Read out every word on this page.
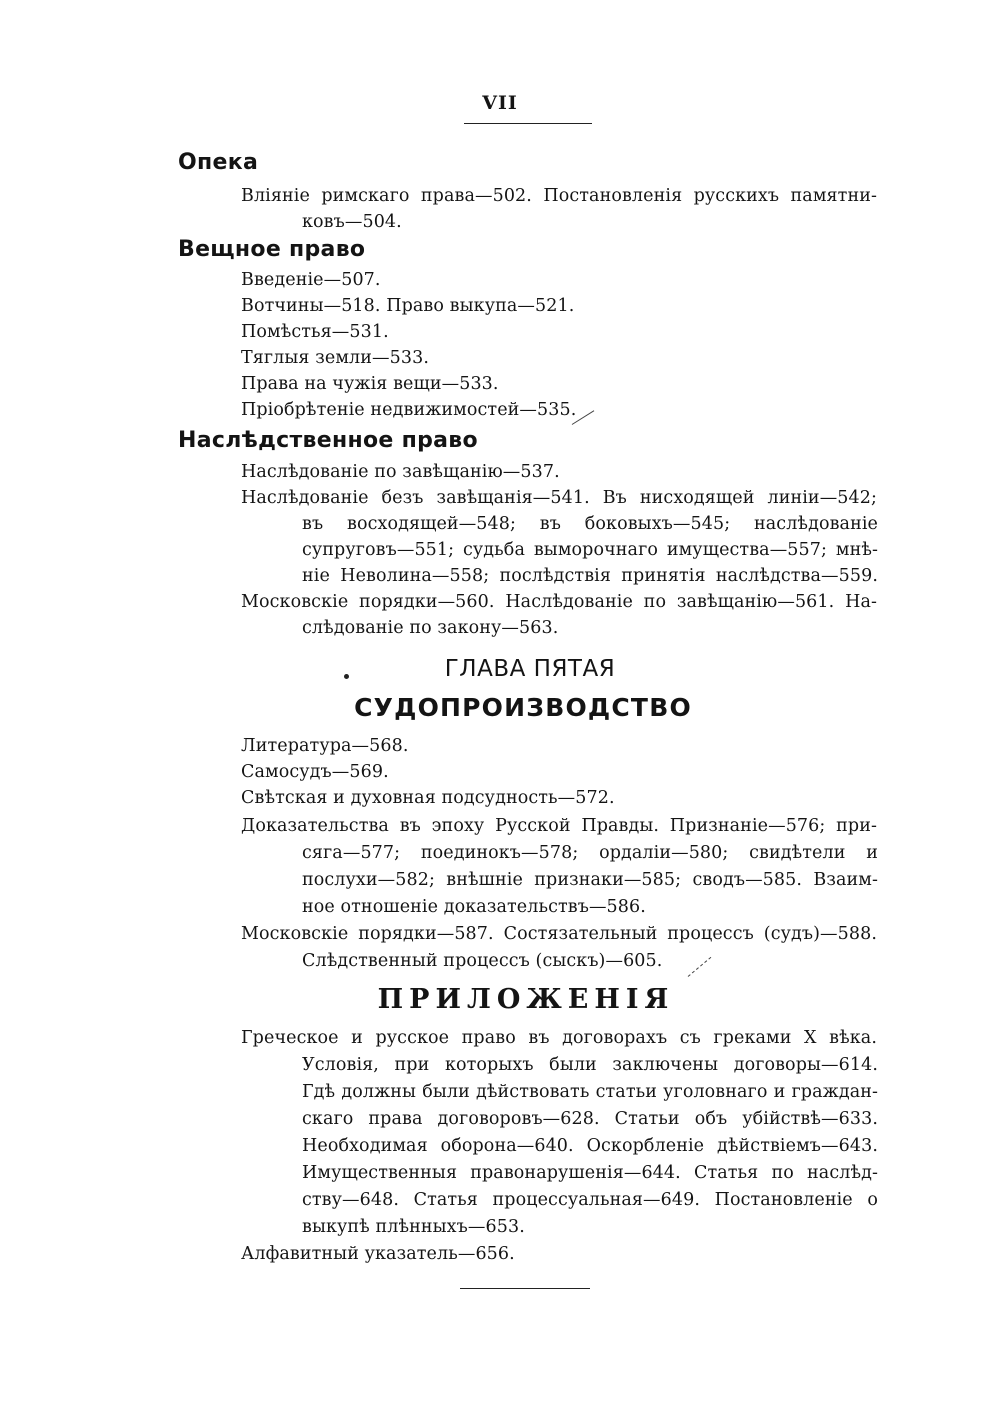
VII
Опека
Вліяніе римскаго права—502. Постановленія русскихъ памятни-
ковъ—504.
Вещное право
Введеніе—507.
Вотчины—518. Право выкупа—521.
Помѣстья—531.
Тяглыя земли—533.
Права на чужія вещи—533.
Пріобрѣтеніе недвижимостей—535.
Наслѣдственное право
Наслѣдованіе по завѣщанію—537.
Наслѣдованіе безъ завѣщанія—541. Въ нисходящей линіи—542;
въ восходящей—548; въ боковыхъ—545; наслѣдованіе
супруговъ—551; судьба выморочнаго имущества—557; мнѣ-
ніе Неволина—558; послѣдствія принятія наслѣдства—559.
Московскіе порядки—560. Наслѣдованіе по завѣщанію—561. На-
слѣдованіе по закону—563.
ГЛАВА ПЯТАЯ
СУДОПРОИЗВОДСТВО
Литература—568.
Самосудъ—569.
Свѣтская и духовная подсудность—572.
Доказательства въ эпоху Русской Правды. Признаніе—576; при-
сяга—577; поединокъ—578; ордаліи—580; свидѣтели и
послухи—582; внѣшніе признаки—585; сводъ—585. Взаим-
ное отношеніе доказательствъ—586.
Московскіе порядки—587. Состязательный процессъ (судъ)—588.
Слѣдственный процессъ (сыскъ)—605.
ПРИЛОЖЕНІЯ
Греческое и русское право въ договорахъ съ греками X вѣка.
Условія, при которыхъ были заключены договоры—614.
Гдѣ должны были дѣйствовать статьи уголовнаго и граждан-
скаго права договоровъ—628. Статьи объ убійствѣ—633.
Необходимая оборона—640. Оскорбленіе дѣйствіемъ—643.
Имущественныя правонарушенія—644. Статья по наслѣд-
ству—648. Статья процессуальная—649. Постановленіе о
выкупѣ плѣнныхъ—653.
Алфавитный указатель—656.
